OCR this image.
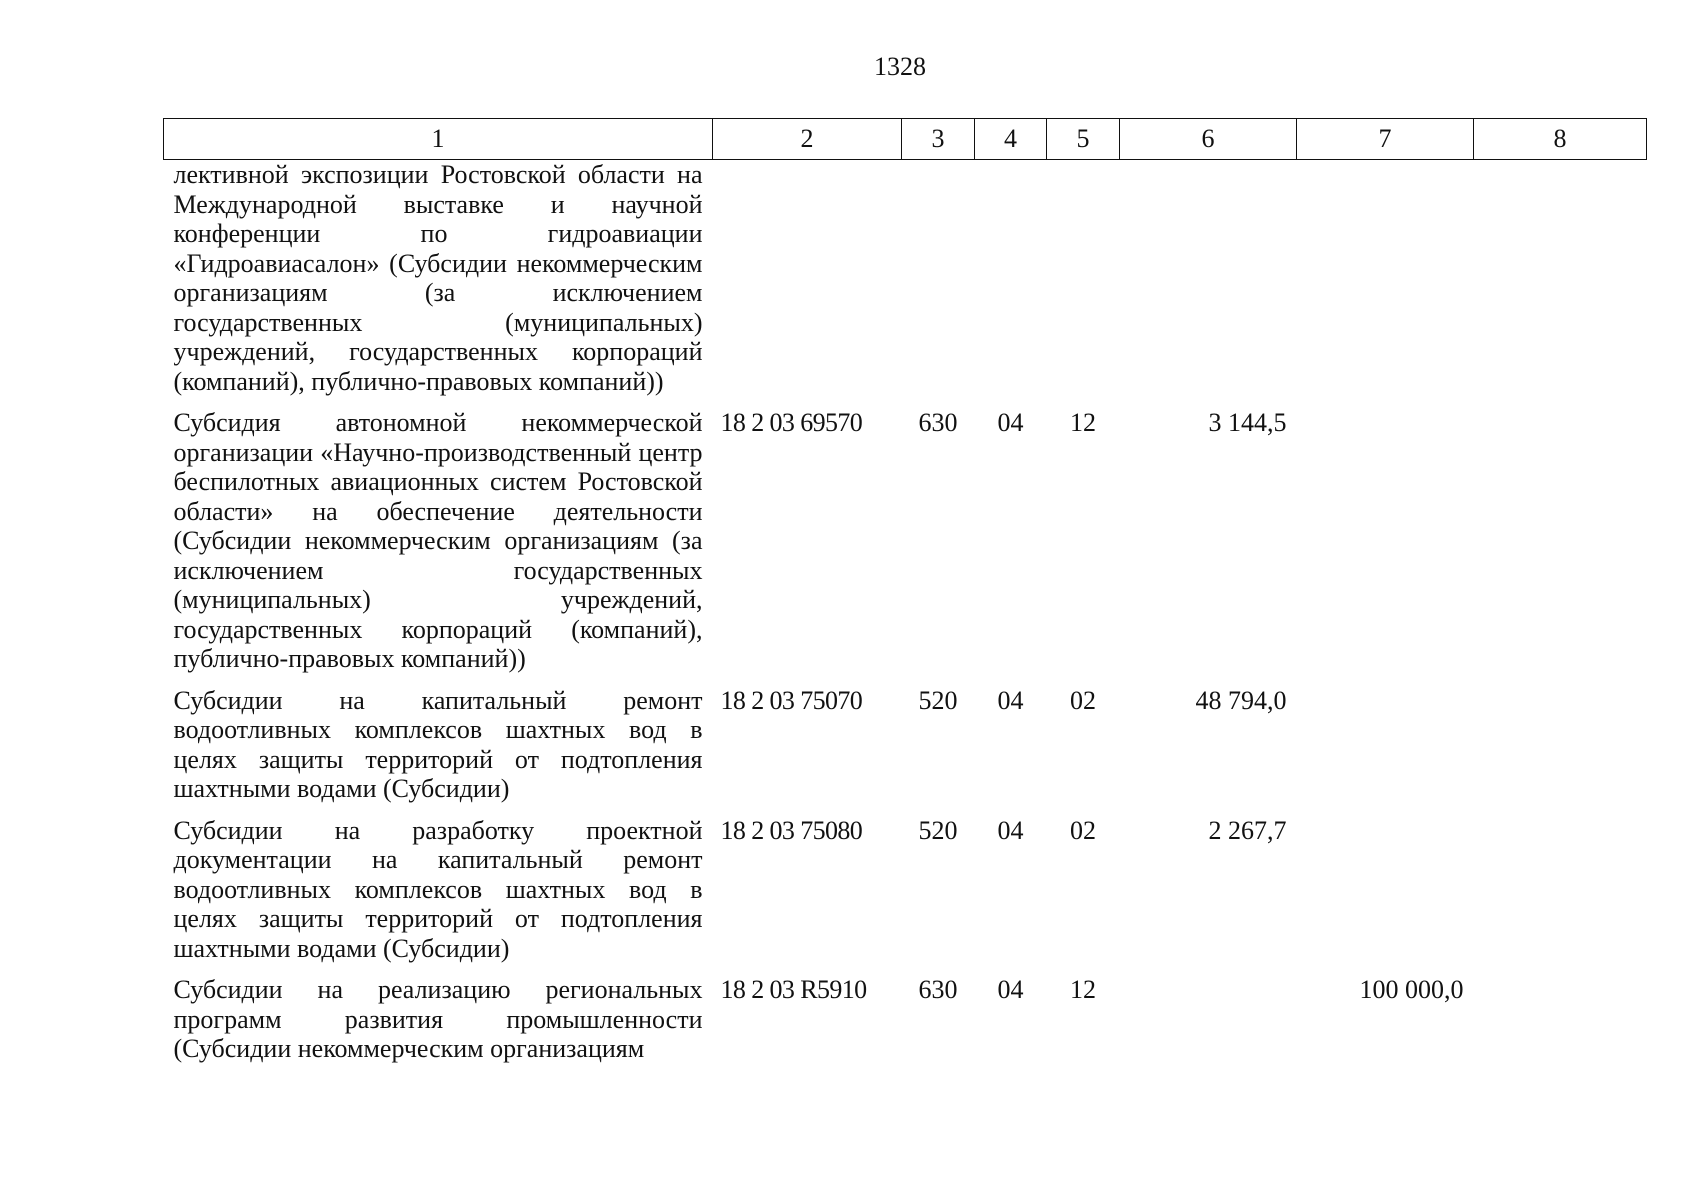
1328
1	2	3	4	5	6	7	8
лективной экспозиции Ростовской области на Международной выставке и научной конференции по гидроавиации «Гидроавиасалон» (Субсидии некоммерческим организациям (за исключением государственных (муниципальных) учреждений, государственных корпораций (компаний), публично-правовых компаний))							
Субсидия автономной некоммерческой организации «Научно-производственный центр беспилотных авиационных систем Ростовской области» на обеспечение деятельности (Субсидии некоммерческим организациям (за исключением государственных (муниципальных) учреждений, государственных корпораций (компаний), публично-правовых компаний))	18 2 03 69570	630	04	12	3 144,5		
Субсидии на капитальный ремонт водоотливных комплексов шахтных вод в целях защиты территорий от подтопления шахтными водами (Субсидии)	18 2 03 75070	520	04	02	48 794,0		
Субсидии на разработку проектной документации на капитальный ремонт водоотливных комплексов шахтных вод в целях защиты территорий от подтопления шахтными водами (Субсидии)	18 2 03 75080	520	04	02	2 267,7		
Субсидии на реализацию региональных программ развития промышленности (Субсидии некоммерческим организациям	18 2 03 R5910	630	04	12		100 000,0	
